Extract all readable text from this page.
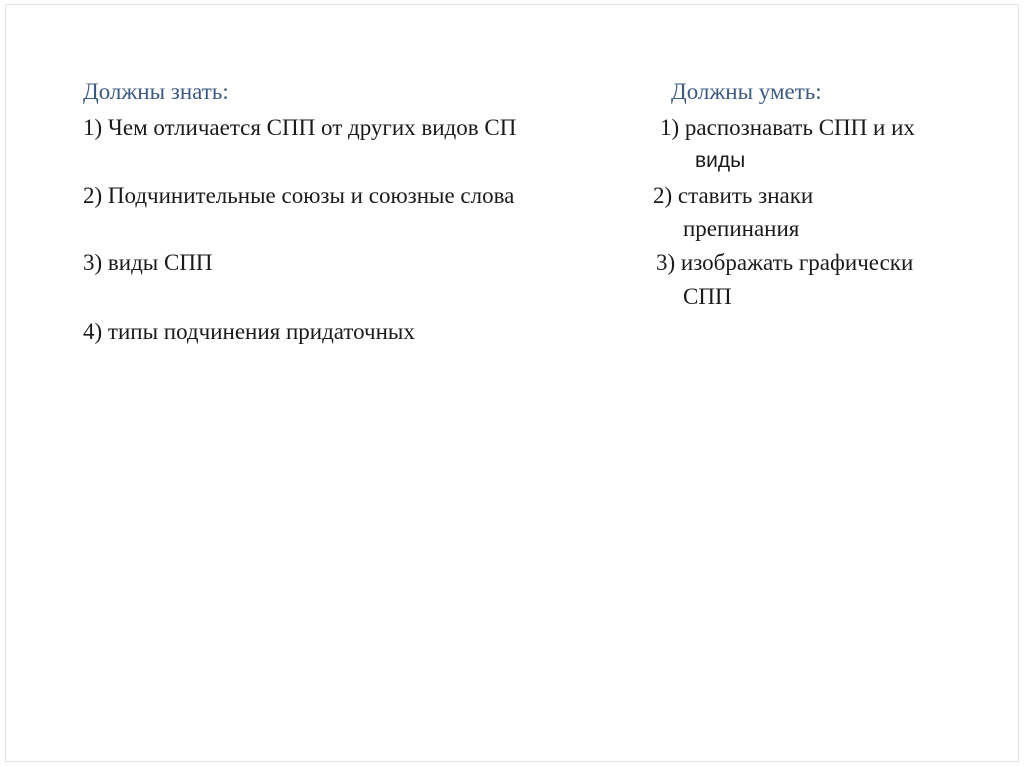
Должны знать:	Должны уметь:
1) Чем отличается СПП от других видов СП	1) распознавать СПП и их
виды
2) Подчинительные союзы и союзные слова	2) ставить знаки
препинания
3) виды СПП	3) изображать графически
СПП
4) типы подчинения придаточных
